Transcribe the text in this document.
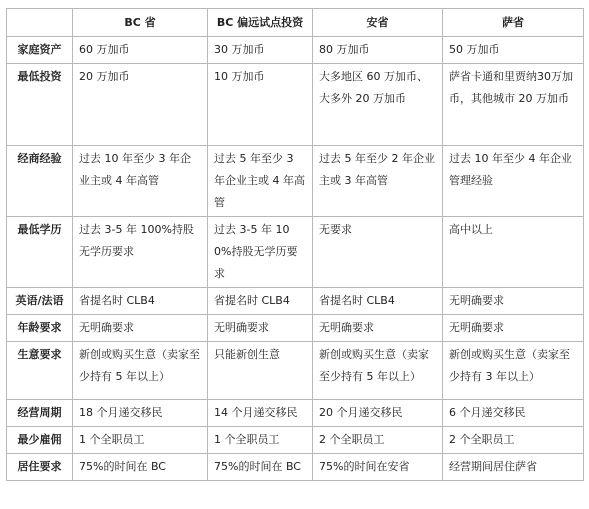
	BC 省	BC 偏远试点投资	安省	萨省
家庭资产	60 万加币	30 万加币	80 万加币	50 万加币
最低投资	20 万加币	10 万加币	大多地区 60 万加币、大多外 20 万加币	萨省卡通和里贾纳30万加币，其他城市 20 万加币
经商经验	过去 10 年至少 3 年企业主或 4 年高管	过去 5 年至少 3 年企业主或 4 年高管	过去 5 年至少 2 年企业主或 3 年高管	过去 10 年至少 4 年企业管理经验
最低学历	过去 3-5 年 100%持股无学历要求	过去 3-5 年 100%持股无学历要求	无要求	高中以上
英语/法语	省提名时 CLB4	省提名时 CLB4	省提名时 CLB4	无明确要求
年龄要求	无明确要求	无明确要求	无明确要求	无明确要求
生意要求	新创或购买生意（卖家至少持有 5 年以上）	只能新创生意	新创或购买生意（卖家至少持有 5 年以上）	新创或购买生意（卖家至少持有 3 年以上）
经营周期	18 个月递交移民	14 个月递交移民	20 个月递交移民	6 个月递交移民
最少雇佣	1 个全职员工	1 个全职员工	2 个全职员工	2 个全职员工
居住要求	75%的时间在 BC	75%的时间在 BC	75%的时间在安省	经营期间居住萨省
